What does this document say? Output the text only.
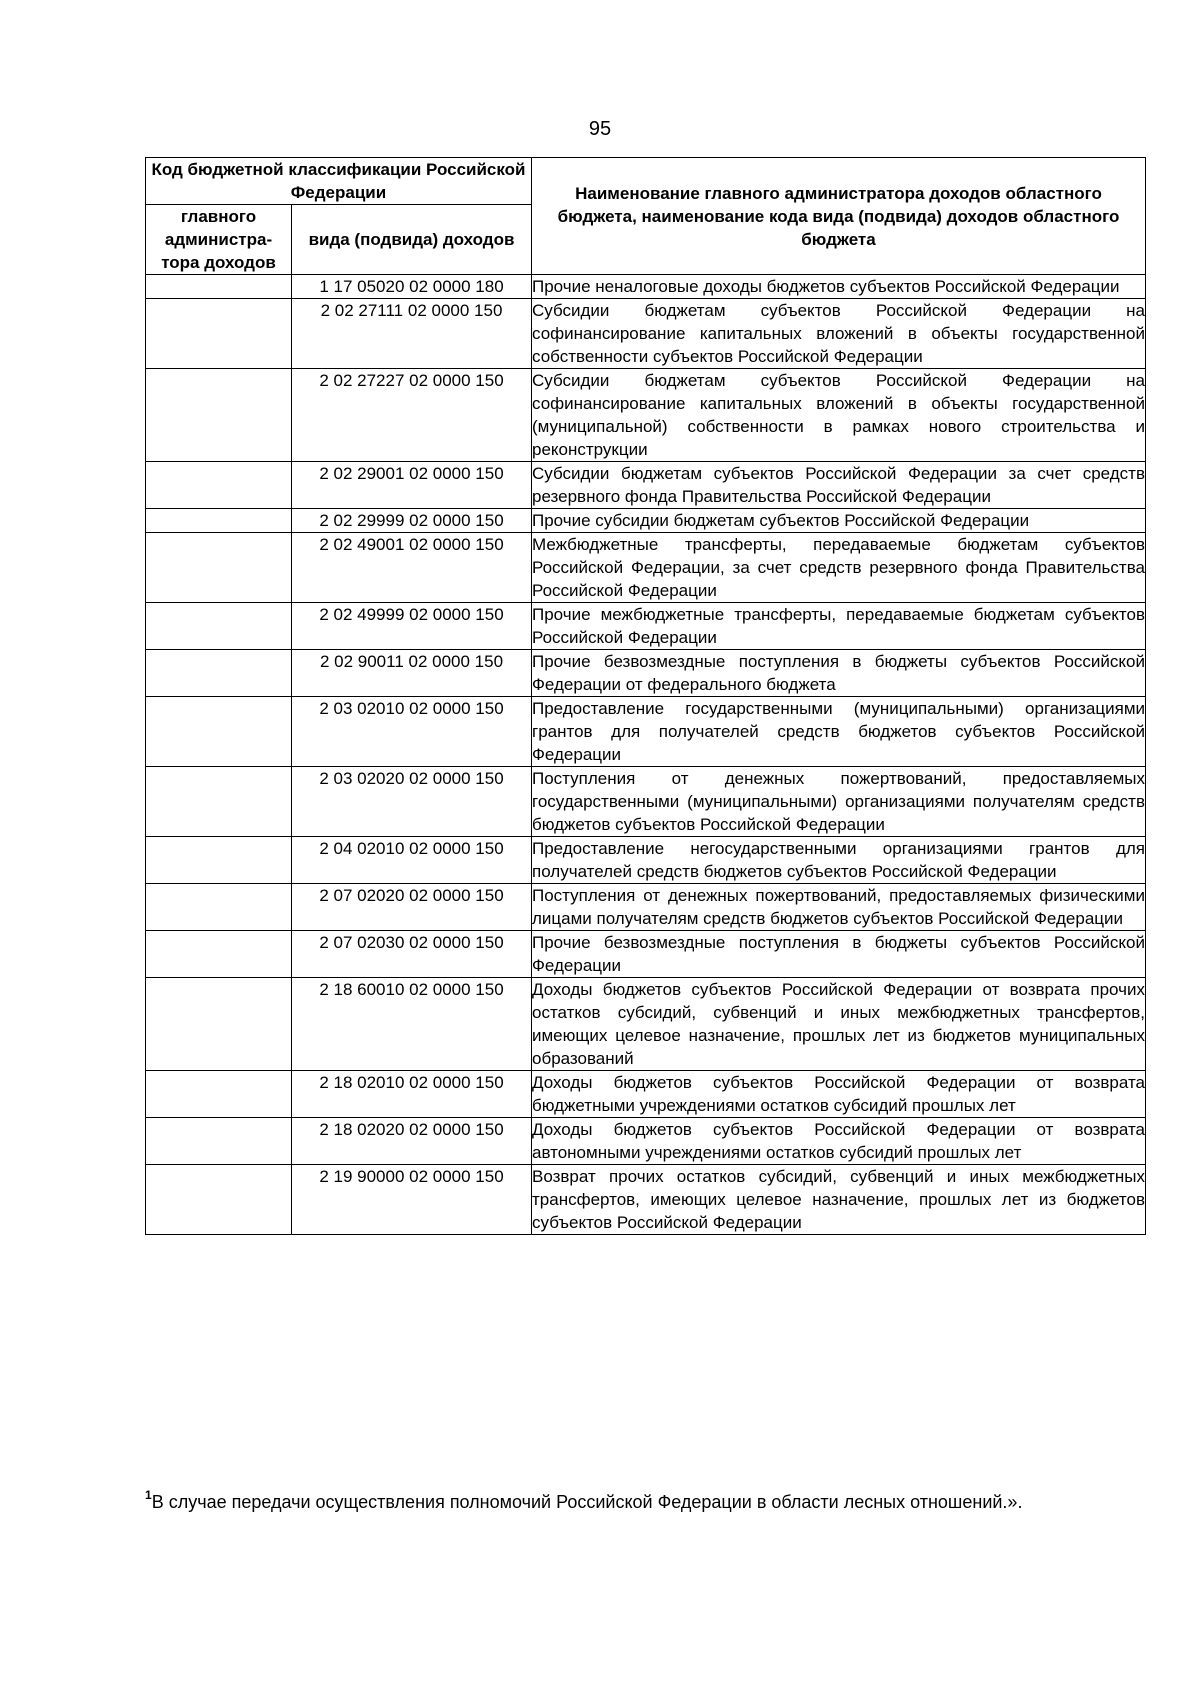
95
Код бюджетной классификации Российской Федерации		Наименование главного администратора доходов областного бюджета, наименование кода вида (подвида) доходов областного бюджета
главного администра-тора доходов	вида (подвида) доходов	
	1 17 05020 02 0000 180	Прочие неналоговые доходы бюджетов субъектов Российской Федерации
	2 02 27111 02 0000 150	Субсидии бюджетам субъектов Российской Федерации на софинансирование капитальных вложений в объекты государственной собственности субъектов Российской Федерации
	2 02 27227 02 0000 150	Субсидии бюджетам субъектов Российской Федерации на софинансирование капитальных вложений в объекты государственной (муниципальной) собственности в рамках нового строительства и реконструкции
	2 02 29001 02 0000 150	Субсидии бюджетам субъектов Российской Федерации за счет средств резервного фонда Правительства Российской Федерации
	2 02 29999 02 0000 150	Прочие субсидии бюджетам субъектов Российской Федерации
	2 02 49001 02 0000 150	Межбюджетные трансферты, передаваемые бюджетам субъектов Российской Федерации, за счет средств резервного фонда Правительства Российской Федерации
	2 02 49999 02 0000 150	Прочие межбюджетные трансферты, передаваемые бюджетам субъектов Российской Федерации
	2 02 90011 02 0000 150	Прочие безвозмездные поступления в бюджеты субъектов Российской Федерации от федерального бюджета
	2 03 02010 02 0000 150	Предоставление государственными (муниципальными) организациями грантов для получателей средств бюджетов субъектов Российской Федерации
	2 03 02020 02 0000 150	Поступления от денежных пожертвований, предоставляемых государственными (муниципальными) организациями получателям средств бюджетов субъектов Российской Федерации
	2 04 02010 02 0000 150	Предоставление негосударственными организациями грантов для получателей средств бюджетов субъектов Российской Федерации
	2 07 02020 02 0000 150	Поступления от денежных пожертвований, предоставляемых физическими лицами получателям средств бюджетов субъектов Российской Федерации
	2 07 02030 02 0000 150	Прочие безвозмездные поступления в бюджеты субъектов Российской Федерации
	2 18 60010 02 0000 150	Доходы бюджетов субъектов Российской Федерации от возврата прочих остатков субсидий, субвенций и иных межбюджетных трансфертов, имеющих целевое назначение, прошлых лет из бюджетов муниципальных образований
	2 18 02010 02 0000 150	Доходы бюджетов субъектов Российской Федерации от возврата бюджетными учреждениями остатков субсидий прошлых лет
	2 18 02020 02 0000 150	Доходы бюджетов субъектов Российской Федерации от возврата автономными учреждениями остатков субсидий прошлых лет
	2 19 90000 02 0000 150	Возврат прочих остатков субсидий, субвенций и иных межбюджетных трансфертов, имеющих целевое назначение, прошлых лет из бюджетов субъектов Российской Федерации
$^1$В случае передачи осуществления полномочий Российской Федерации в области лесных отношений.».
